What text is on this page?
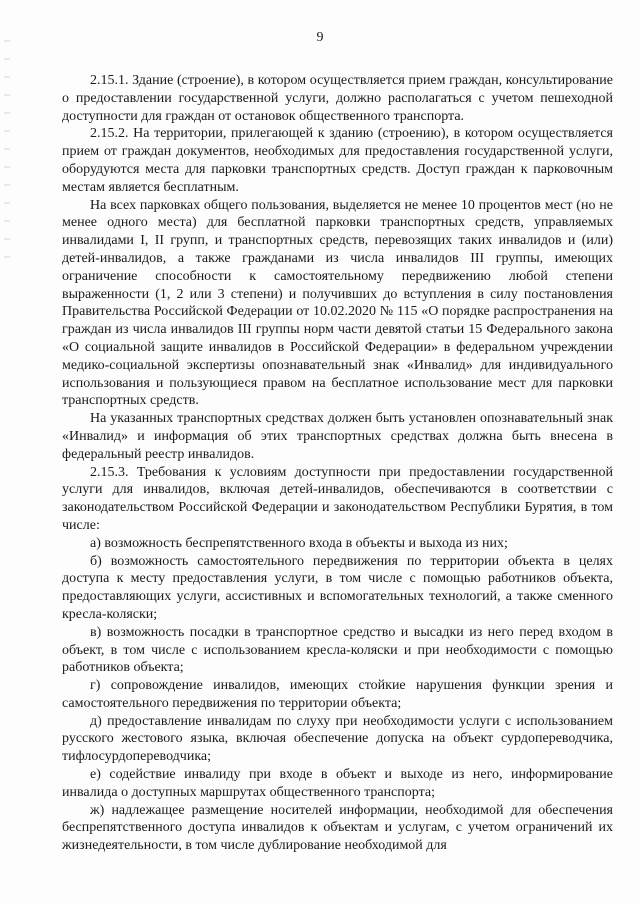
9

2.15.1. Здание (строение), в котором осуществляется прием граждан, консультирование о предоставлении государственной услуги, должно располагаться с учетом пешеходной доступности для граждан от остановок общественного транспорта.

2.15.2. На территории, прилегающей к зданию (строению), в котором осуществляется прием от граждан документов, необходимых для предоставления государственной услуги, оборудуются места для парковки транспортных средств. Доступ граждан к парковочным местам является бесплатным.

На всех парковках общего пользования, выделяется не менее 10 процентов мест (но не менее одного места) для бесплатной парковки транспортных средств, управляемых инвалидами I, II групп, и транспортных средств, перевозящих таких инвалидов и (или) детей-инвалидов, а также гражданами из числа инвалидов III группы, имеющих ограничение способности к самостоятельному передвижению любой степени выраженности (1, 2 или 3 степени) и получивших до вступления в силу постановления Правительства Российской Федерации от 10.02.2020 № 115 «О порядке распространения на граждан из числа инвалидов III группы норм части девятой статьи 15 Федерального закона «О социальной защите инвалидов в Российской Федерации» в федеральном учреждении медико-социальной экспертизы опознавательный знак «Инвалид» для индивидуального использования и пользующиеся правом на бесплатное использование мест для парковки транспортных средств.

На указанных транспортных средствах должен быть установлен опознавательный знак «Инвалид» и информация об этих транспортных средствах должна быть внесена в федеральный реестр инвалидов.

2.15.3. Требования к условиям доступности при предоставлении государственной услуги для инвалидов, включая детей-инвалидов, обеспечиваются в соответствии с законодательством Российской Федерации и законодательством Республики Бурятия, в том числе:

а) возможность беспрепятственного входа в объекты и выхода из них;

б) возможность самостоятельного передвижения по территории объекта в целях доступа к месту предоставления услуги, в том числе с помощью работников объекта, предоставляющих услуги, ассистивных и вспомогательных технологий, а также сменного кресла-коляски;

в) возможность посадки в транспортное средство и высадки из него перед входом в объект, в том числе с использованием кресла-коляски и при необходимости с помощью работников объекта;

г) сопровождение инвалидов, имеющих стойкие нарушения функции зрения и самостоятельного передвижения по территории объекта;

д) предоставление инвалидам по слуху при необходимости услуги с использованием русского жестового языка, включая обеспечение допуска на объект сурдопереводчика, тифлосурдопереводчика;

е) содействие инвалиду при входе в объект и выходе из него, информирование инвалида о доступных маршрутах общественного транспорта;

ж) надлежащее размещение носителей информации, необходимой для обеспечения беспрепятственного доступа инвалидов к объектам и услугам, с учетом ограничений их жизнедеятельности, в том числе дублирование необходимой для
